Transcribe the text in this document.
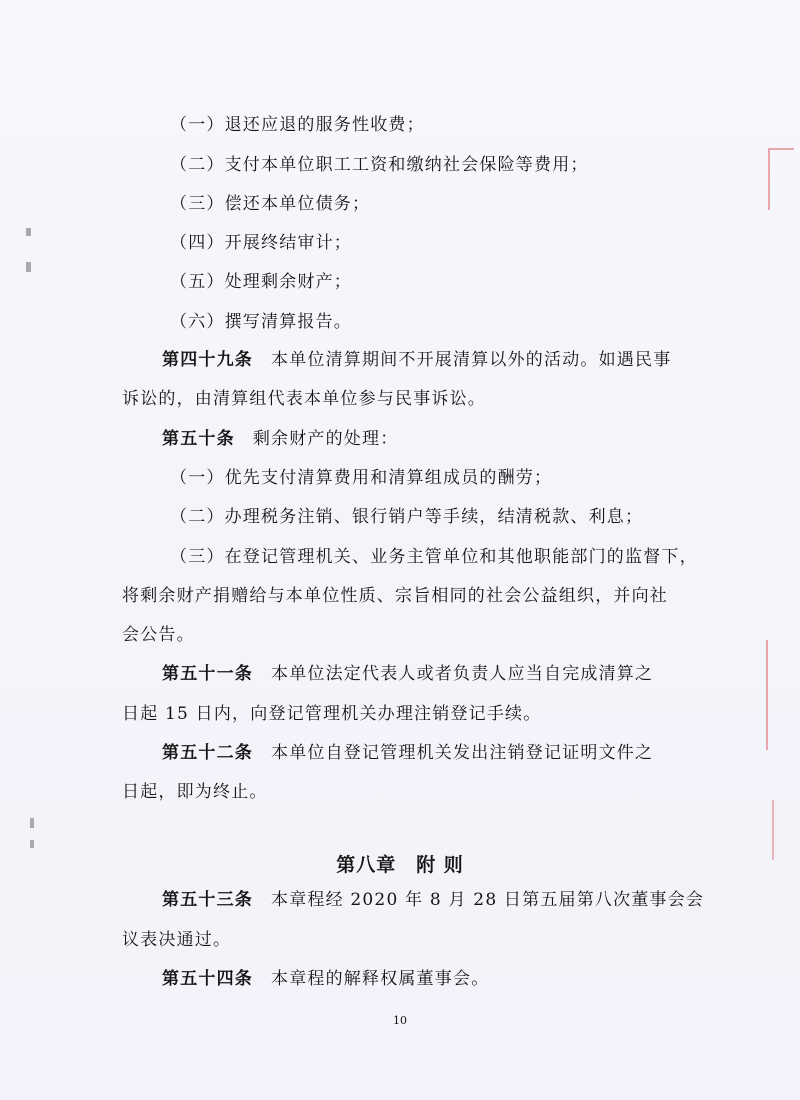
（一）退还应退的服务性收费；
（二）支付本单位职工工资和缴纳社会保险等费用；
（三）偿还本单位债务；
（四）开展终结审计；
（五）处理剩余财产；
（六）撰写清算报告。
第四十九条 本单位清算期间不开展清算以外的活动。如遇民事
诉讼的，由清算组代表本单位参与民事诉讼。
第五十条 剩余财产的处理：
（一）优先支付清算费用和清算组成员的酬劳；
（二）办理税务注销、银行销户等手续，结清税款、利息；
（三）在登记管理机关、业务主管单位和其他职能部门的监督下，
将剩余财产捐赠给与本单位性质、宗旨相同的社会公益组织，并向社
会公告。
第五十一条 本单位法定代表人或者负责人应当自完成清算之
日起 15 日内，向登记管理机关办理注销登记手续。
第五十二条 本单位自登记管理机关发出注销登记证明文件之
日起，即为终止。
第八章　附 则
第五十三条 本章程经 2020 年 8 月 28 日第五届第八次董事会会
议表决通过。
第五十四条 本章程的解释权属董事会。
10
